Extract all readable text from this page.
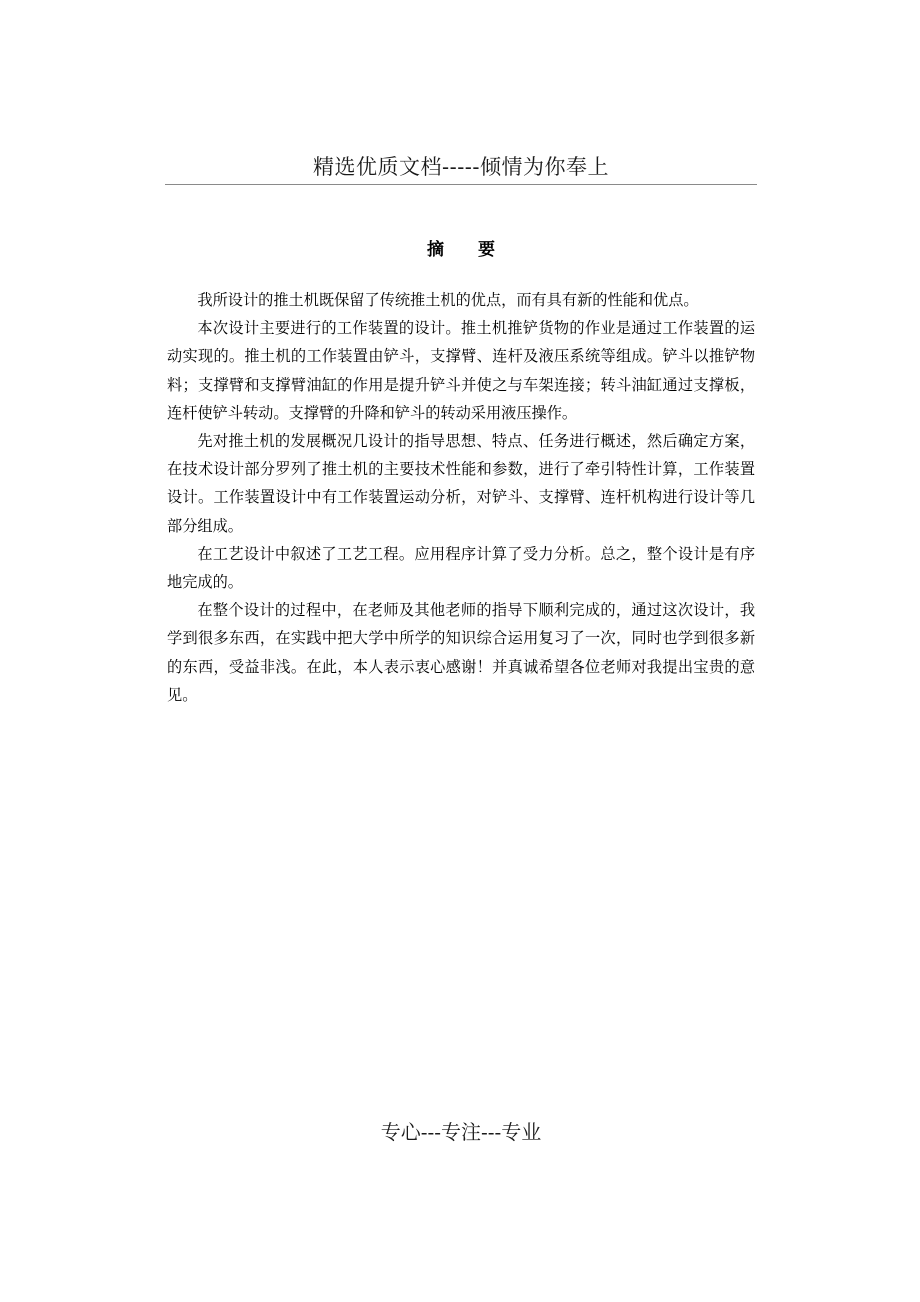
精选优质文档-----倾情为你奉上
摘 要

我所设计的推土机既保留了传统推土机的优点，而有具有新的性能和优点。

本次设计主要进行的工作装置的设计。推土机推铲货物的作业是通过工作装置的运动实现的。推土机的工作装置由铲斗，支撑臂、连杆及液压系统等组成。铲斗以推铲物料；支撑臂和支撑臂油缸的作用是提升铲斗并使之与车架连接；转斗油缸通过支撑板，连杆使铲斗转动。支撑臂的升降和铲斗的转动采用液压操作。

先对推土机的发展概况几设计的指导思想、特点、任务进行概述，然后确定方案，在技术设计部分罗列了推土机的主要技术性能和参数，进行了牵引特性计算，工作装置设计。工作装置设计中有工作装置运动分析，对铲斗、支撑臂、连杆机构进行设计等几部分组成。

在工艺设计中叙述了工艺工程。应用程序计算了受力分析。总之，整个设计是有序地完成的。

在整个设计的过程中，在老师及其他老师的指导下顺利完成的，通过这次设计，我学到很多东西，在实践中把大学中所学的知识综合运用复习了一次，同时也学到很多新的东西，受益非浅。在此，本人表示衷心感谢！并真诚希望各位老师对我提出宝贵的意见。

专心---专注---专业
